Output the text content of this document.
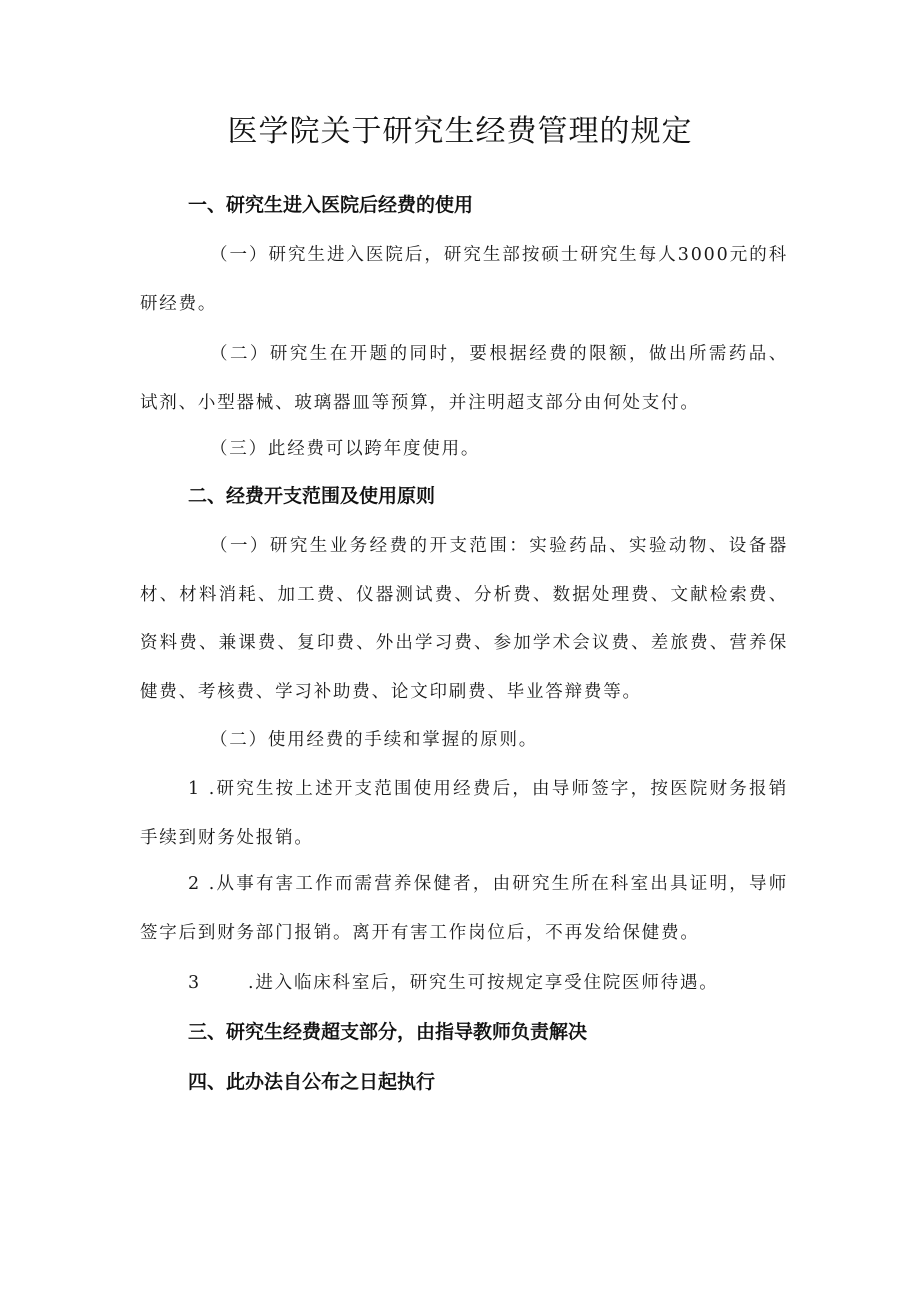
医学院关于研究生经费管理的规定
一、研究生进入医院后经费的使用
（一）研究生进入医院后，研究生部按硕士研究生每人3000元的科研经费。
（二）研究生在开题的同时，要根据经费的限额，做出所需药品、试剂、小型器械、玻璃器皿等预算，并注明超支部分由何处支付。
（三）此经费可以跨年度使用。
二、经费开支范围及使用原则
（一）研究生业务经费的开支范围：实验药品、实验动物、设备器材、材料消耗、加工费、仪器测试费、分析费、数据处理费、文献检索费、资料费、兼课费、复印费、外出学习费、参加学术会议费、差旅费、营养保健费、考核费、学习补助费、论文印刷费、毕业答辩费等。
（二）使用经费的手续和掌握的原则。
1 .研究生按上述开支范围使用经费后，由导师签字，按医院财务报销手续到财务处报销。
2 .从事有害工作而需营养保健者，由研究生所在科室出具证明，导师签字后到财务部门报销。离开有害工作岗位后，不再发给保健费。
3	.进入临床科室后，研究生可按规定享受住院医师待遇。
三、研究生经费超支部分，由指导教师负责解决
四、此办法自公布之日起执行
